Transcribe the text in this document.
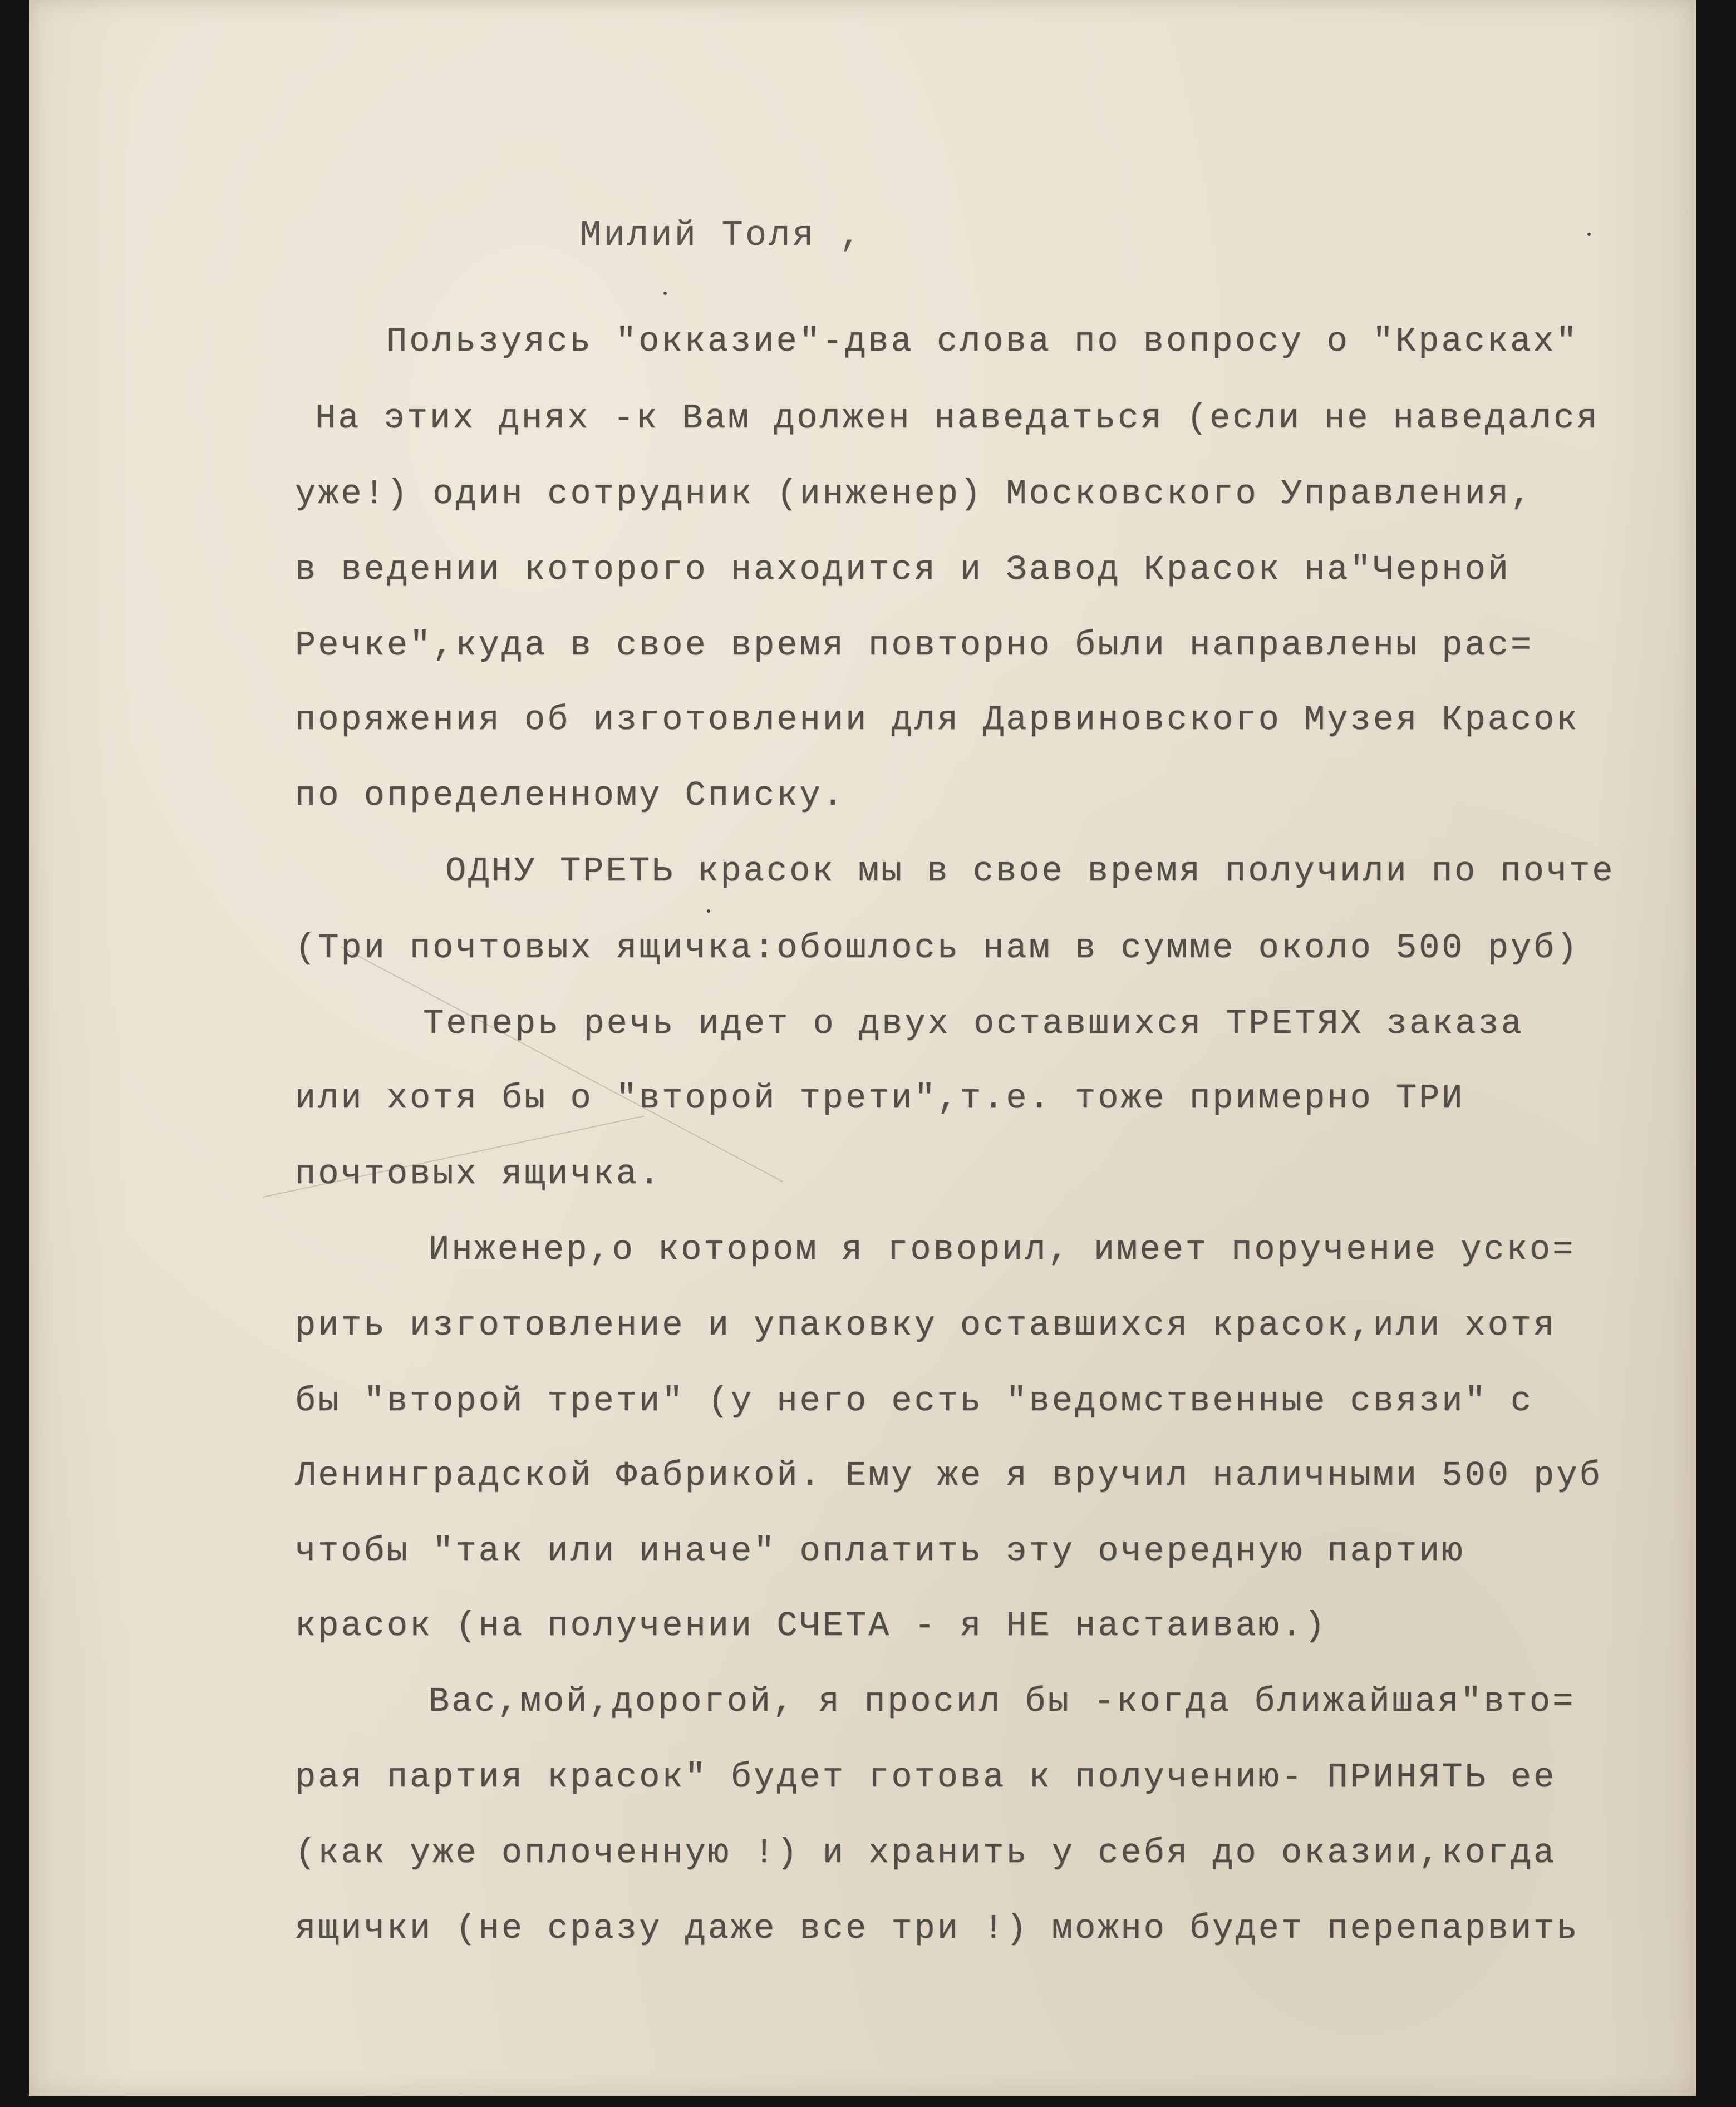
Милий Толя ,
Пользуясь "окказие"-два слова по вопросу о "Красках"
На этих днях -к Вам должен наведаться (если не наведался
уже!) один сотрудник (инженер) Московского Управления,
в ведении которого находится и Завод Красок на"Черной
Речке",куда в свое время повторно были направлены рас=
поряжения об изготовлении для Дарвиновского Музея Красок
по определенному Списку.
ОДНУ ТРЕТЬ красок мы в свое время получили по почте
(Три почтовых ящичка:обошлось нам в сумме около 500 руб)
Теперь речь идет о двух оставшихся ТРЕТЯХ заказа
или хотя бы о "второй трети",т.е. тоже примерно ТРИ
почтовых ящичка.
Инженер,о котором я говорил, имеет поручение уско=
рить изготовление и упаковку оставшихся красок,или хотя
бы "второй трети" (у него есть "ведомственные связи" с
Ленинградской Фабрикой. Ему же я вручил наличными 500 руб
чтобы "так или иначе" оплатить эту очередную партию
красок (на получении СЧЕТА - я НЕ настаиваю.)
Вас,мой,дорогой, я просил бы -когда ближайшая"вто=
рая партия красок" будет готова к получению- ПРИНЯТЬ ее
(как уже оплоченную !) и хранить у себя до оказии,когда
ящички (не сразу даже все три !) можно будет перепарвить
